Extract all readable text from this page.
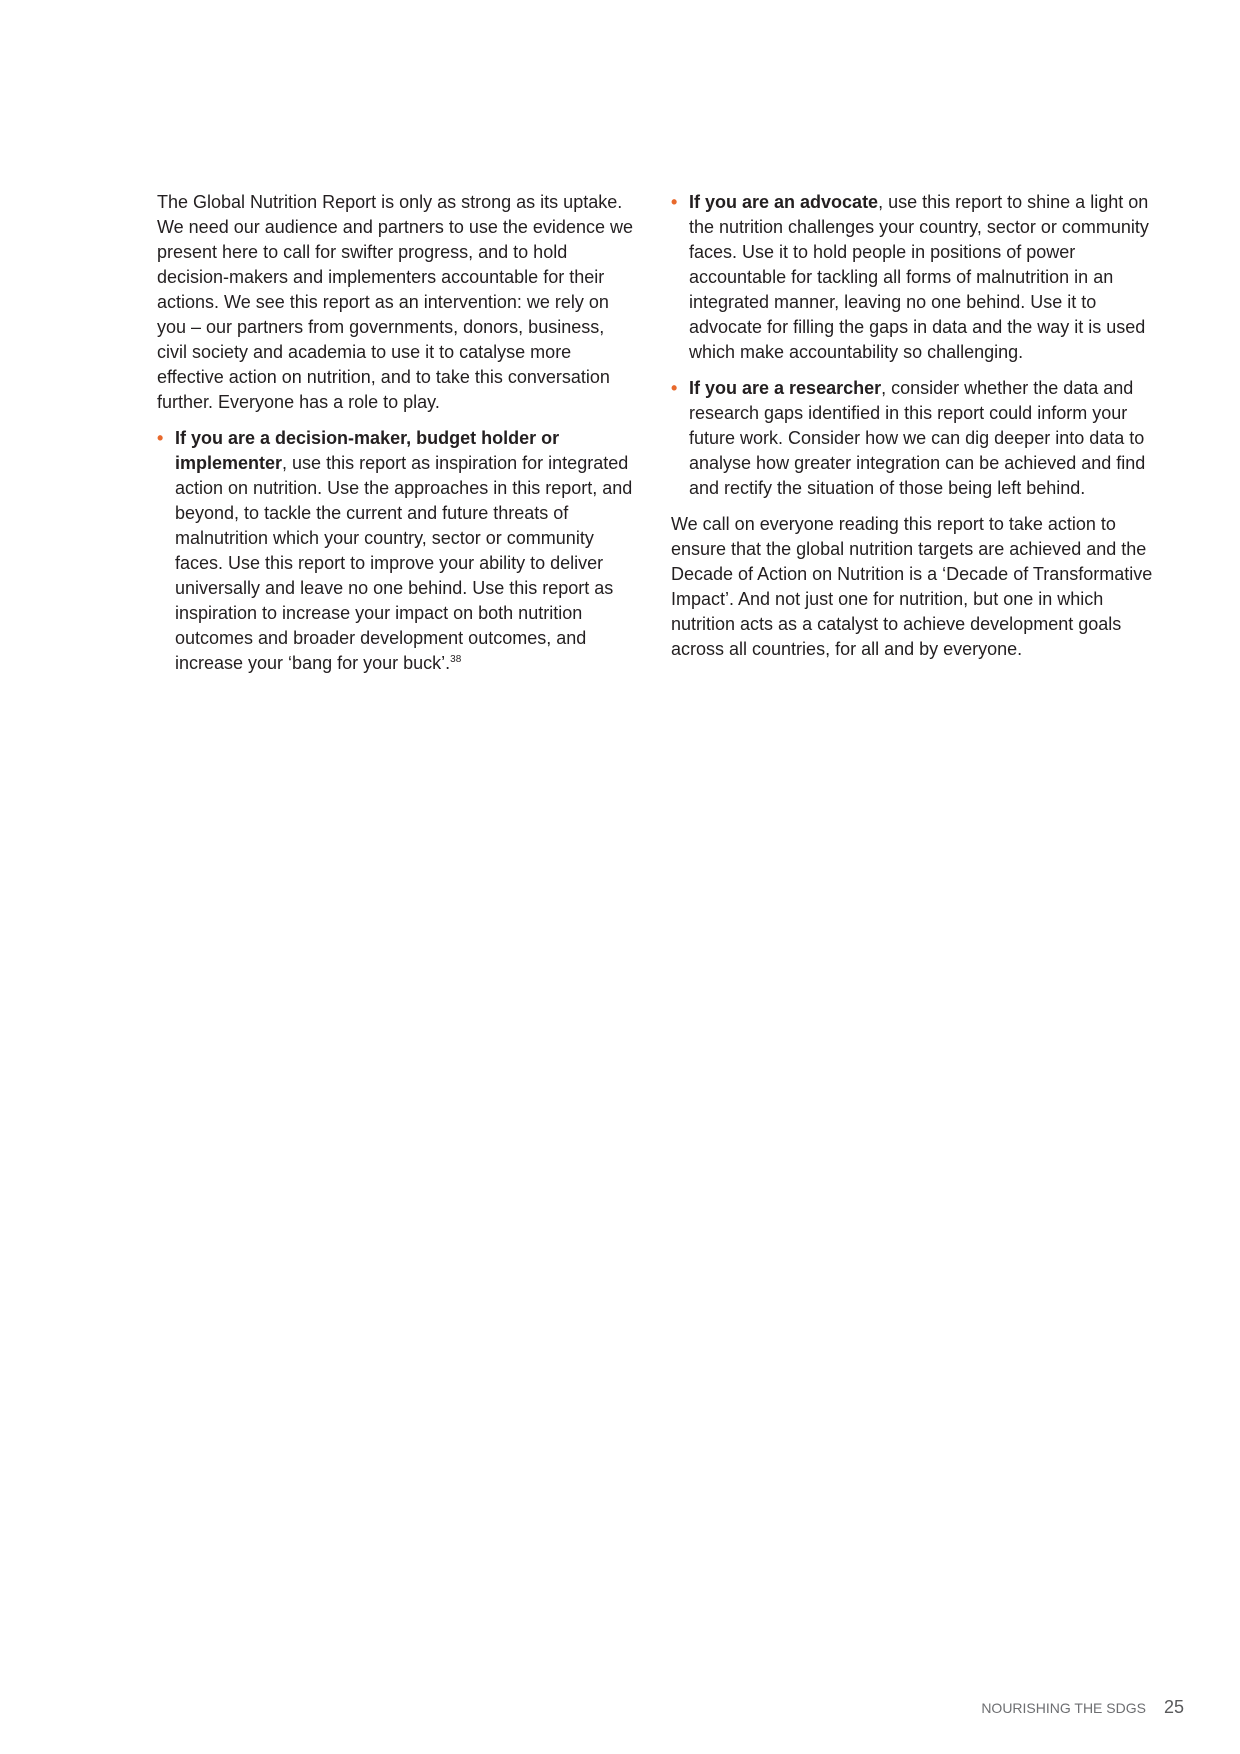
The Global Nutrition Report is only as strong as its uptake. We need our audience and partners to use the evidence we present here to call for swifter progress, and to hold decision-makers and implementers accountable for their actions. We see this report as an intervention: we rely on you – our partners from governments, donors, business, civil society and academia to use it to catalyse more effective action on nutrition, and to take this conversation further. Everyone has a role to play.

• If you are a decision-maker, budget holder or implementer, use this report as inspiration for integrated action on nutrition. Use the approaches in this report, and beyond, to tackle the current and future threats of malnutrition which your country, sector or community faces. Use this report to improve your ability to deliver universally and leave no one behind. Use this report as inspiration to increase your impact on both nutrition outcomes and broader development outcomes, and increase your ‘bang for your buck’.$^{38}$
• If you are an advocate, use this report to shine a light on the nutrition challenges your country, sector or community faces. Use it to hold people in positions of power accountable for tackling all forms of malnutrition in an integrated manner, leaving no one behind. Use it to advocate for filling the gaps in data and the way it is used which make accountability so challenging.
• If you are a researcher, consider whether the data and research gaps identified in this report could inform your future work. Consider how we can dig deeper into data to analyse how greater integration can be achieved and find and rectify the situation of those being left behind.

We call on everyone reading this report to take action to ensure that the global nutrition targets are achieved and the Decade of Action on Nutrition is a ‘Decade of Transformative Impact’. And not just one for nutrition, but one in which nutrition acts as a catalyst to achieve development goals across all countries, for all and by everyone.

NOURISHING THE SDGS 25
